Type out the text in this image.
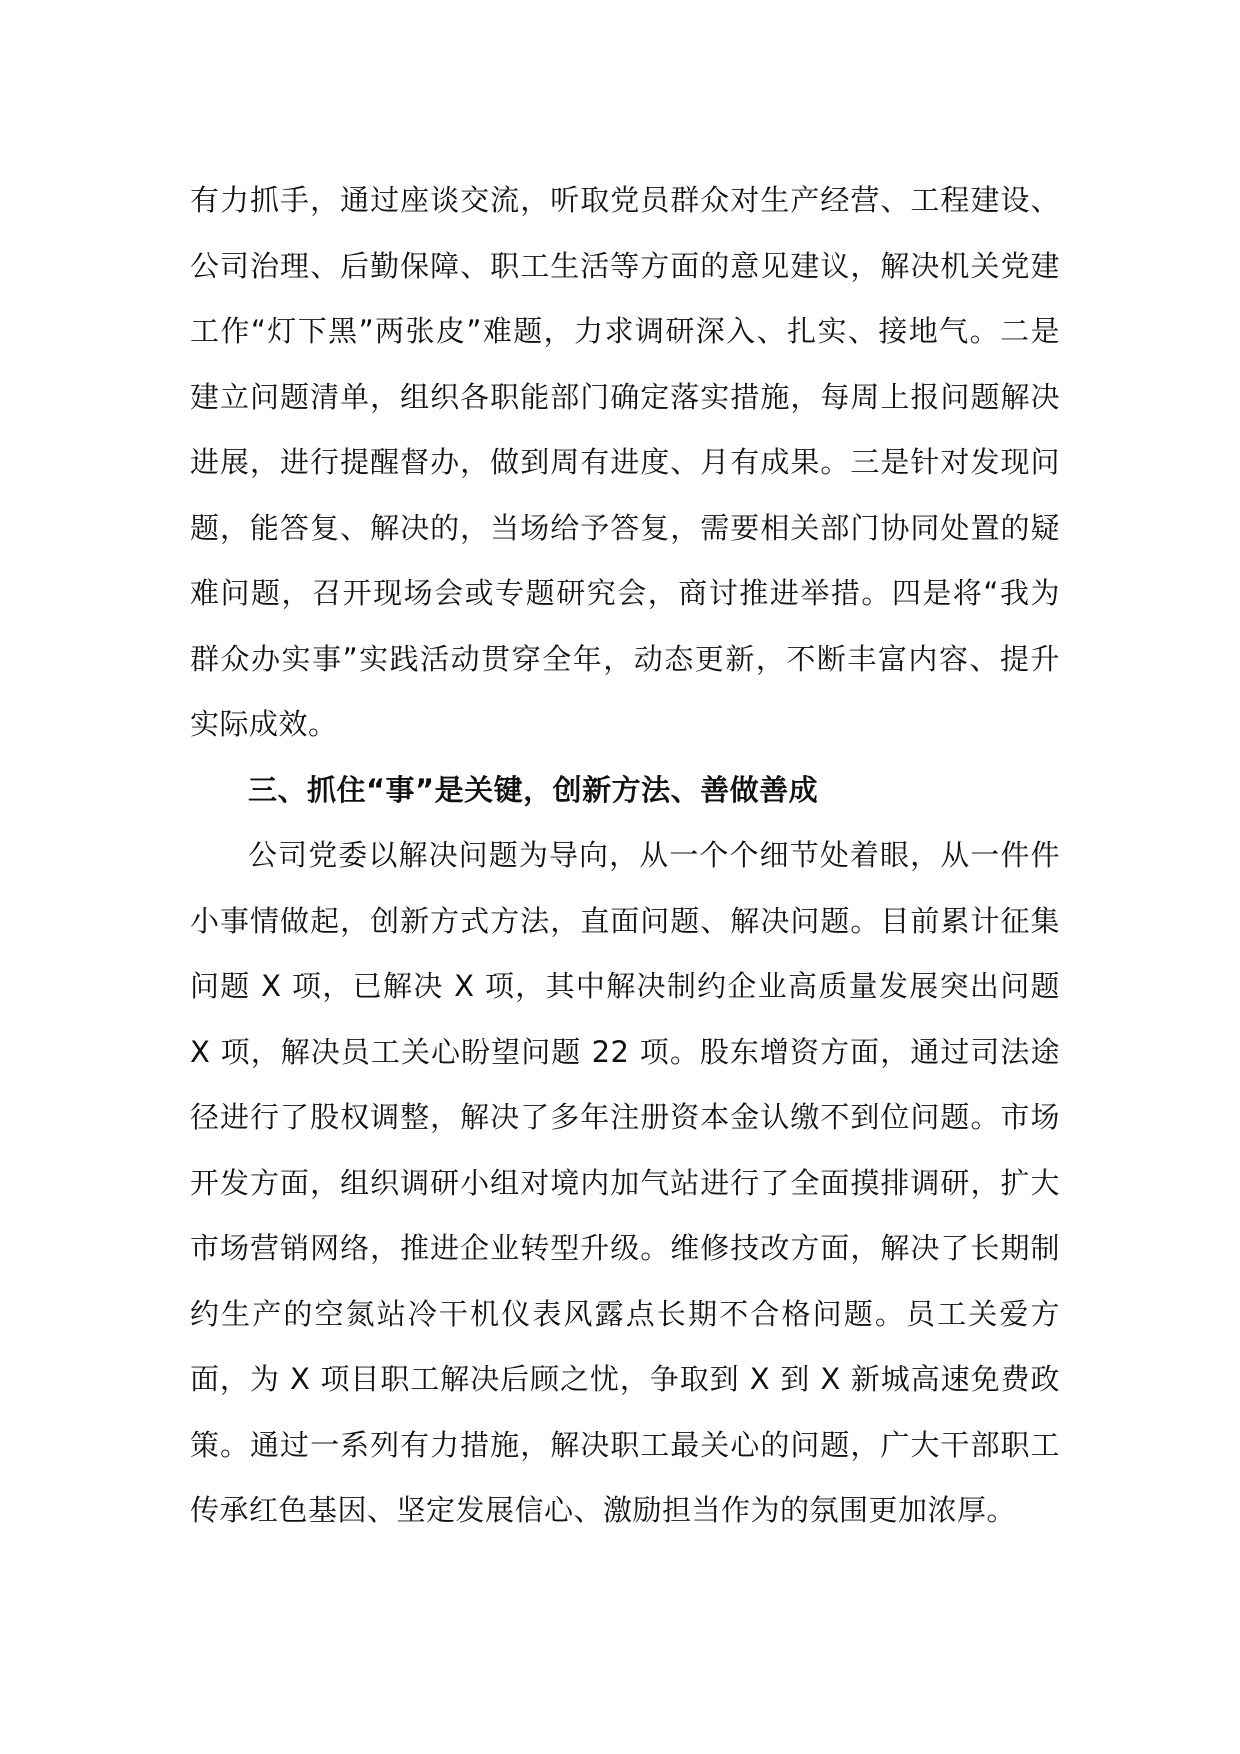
有力抓手，通过座谈交流，听取党员群众对生产经营、工程建设、公司治理、后勤保障、职工生活等方面的意见建议，解决机关党建工作“灯下黑”两张皮”难题，力求调研深入、扎实、接地气。二是建立问题清单，组织各职能部门确定落实措施，每周上报问题解决进展，进行提醒督办，做到周有进度、月有成果。三是针对发现问题，能答复、解决的，当场给予答复，需要相关部门协同处置的疑难问题，召开现场会或专题研究会，商讨推进举措。四是将“我为群众办实事”实践活动贯穿全年，动态更新，不断丰富内容、提升实际成效。

三、抓住“事”是关键，创新方法、善做善成

公司党委以解决问题为导向，从一个个细节处着眼，从一件件小事情做起，创新方式方法，直面问题、解决问题。目前累计征集问题 X 项，已解决 X 项，其中解决制约企业高质量发展突出问题 X 项，解决员工关心盼望问题 22 项。股东增资方面，通过司法途径进行了股权调整，解决了多年注册资本金认缴不到位问题。市场开发方面，组织调研小组对境内加气站进行了全面摸排调研，扩大市场营销网络，推进企业转型升级。维修技改方面，解决了长期制约生产的空氮站冷干机仪表风露点长期不合格问题。员工关爱方面，为 X 项目职工解决后顾之忧，争取到 X 到 X 新城高速免费政策。通过一系列有力措施，解决职工最关心的问题，广大干部职工传承红色基因、坚定发展信心、激励担当作为的氛围更加浓厚。
